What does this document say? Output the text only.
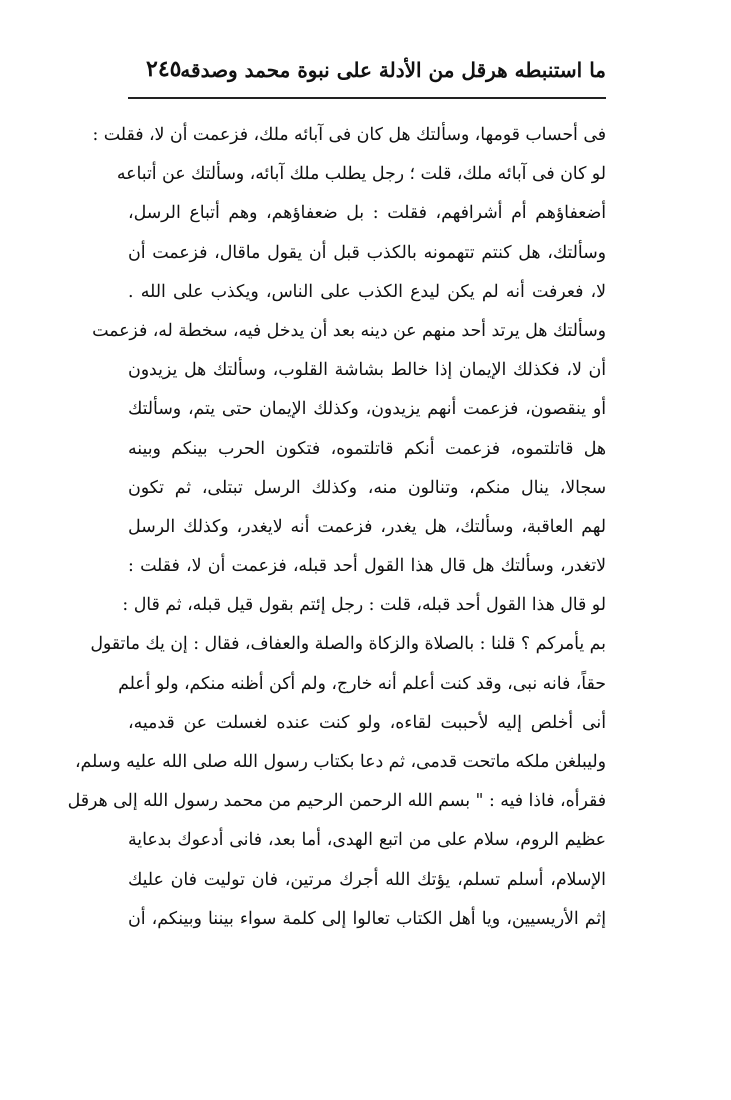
ما استنبطه هرقل من الأدلة على نبوة محمد وصدقه
٢٤٥
فى أحساب قومها، وسألتك هل كان فى آبائه ملك، فزعمت أن لا، فقلت :
لو كان فى آبائه ملك، قلت ؛ رجل يطلب ملك آبائه، وسألتك عن أتباعه
أضعفاؤهم أم أشرافهم، فقلت : بل ضعفاؤهم، وهم أتباع الرسل،
وسألتك، هل كنتم تتهمونه بالكذب قبل أن يقول ماقال، فزعمت أن
لا، فعرفت أنه لم يكن ليدع الكذب على الناس، ويكذب على الله .
وسألتك هل يرتد أحد منهم عن دينه بعد أن يدخل فيه، سخطة له، فزعمت
أن لا، فكذلك الإيمان إذا خالط بشاشة القلوب، وسألتك هل يزيدون
أو ينقصون، فزعمت أنهم يزيدون، وكذلك الإيمان حتى يتم، وسألتك
هل قاتلتموه، فزعمت أنكم قاتلتموه، فتكون الحرب بينكم وبينه
سجالا، ينال منكم، وتنالون منه، وكذلك الرسل تبتلى، ثم تكون
لهم العاقبة، وسألتك، هل يغدر، فزعمت أنه لايغدر، وكذلك الرسل
لاتغدر، وسألتك هل قال هذا القول أحد قبله، فزعمت أن لا، فقلت :
لو قال هذا القول أحد قبله، قلت : رجل إئتم بقول قيل قبله، ثم قال :
بم يأمركم ؟ قلنا : بالصلاة والزكاة والصلة والعفاف، فقال : إن يك ماتقول
حقاً، فانه نبى، وقد كنت أعلم أنه خارج، ولم أكن أظنه منكم، ولو أعلم
أنى أخلص إليه لأحببت لقاءه، ولو كنت عنده لغسلت عن قدميه،
وليبلغن ملكه ماتحت قدمى، ثم دعا بكتاب رسول الله صلى الله عليه وسلم،
فقرأه، فاذا فيه : " بسم الله الرحمن الرحيم من محمد رسول الله إلى هرقل
عظيم الروم، سلام على من اتبع الهدى، أما بعد، فانى أدعوك بدعاية
الإسلام، أسلم تسلم، يؤتك الله أجرك مرتين، فان توليت فان عليك
إثم الأريسيين، ويا أهل الكتاب تعالوا إلى كلمة سواء بيننا وبينكم، أن
